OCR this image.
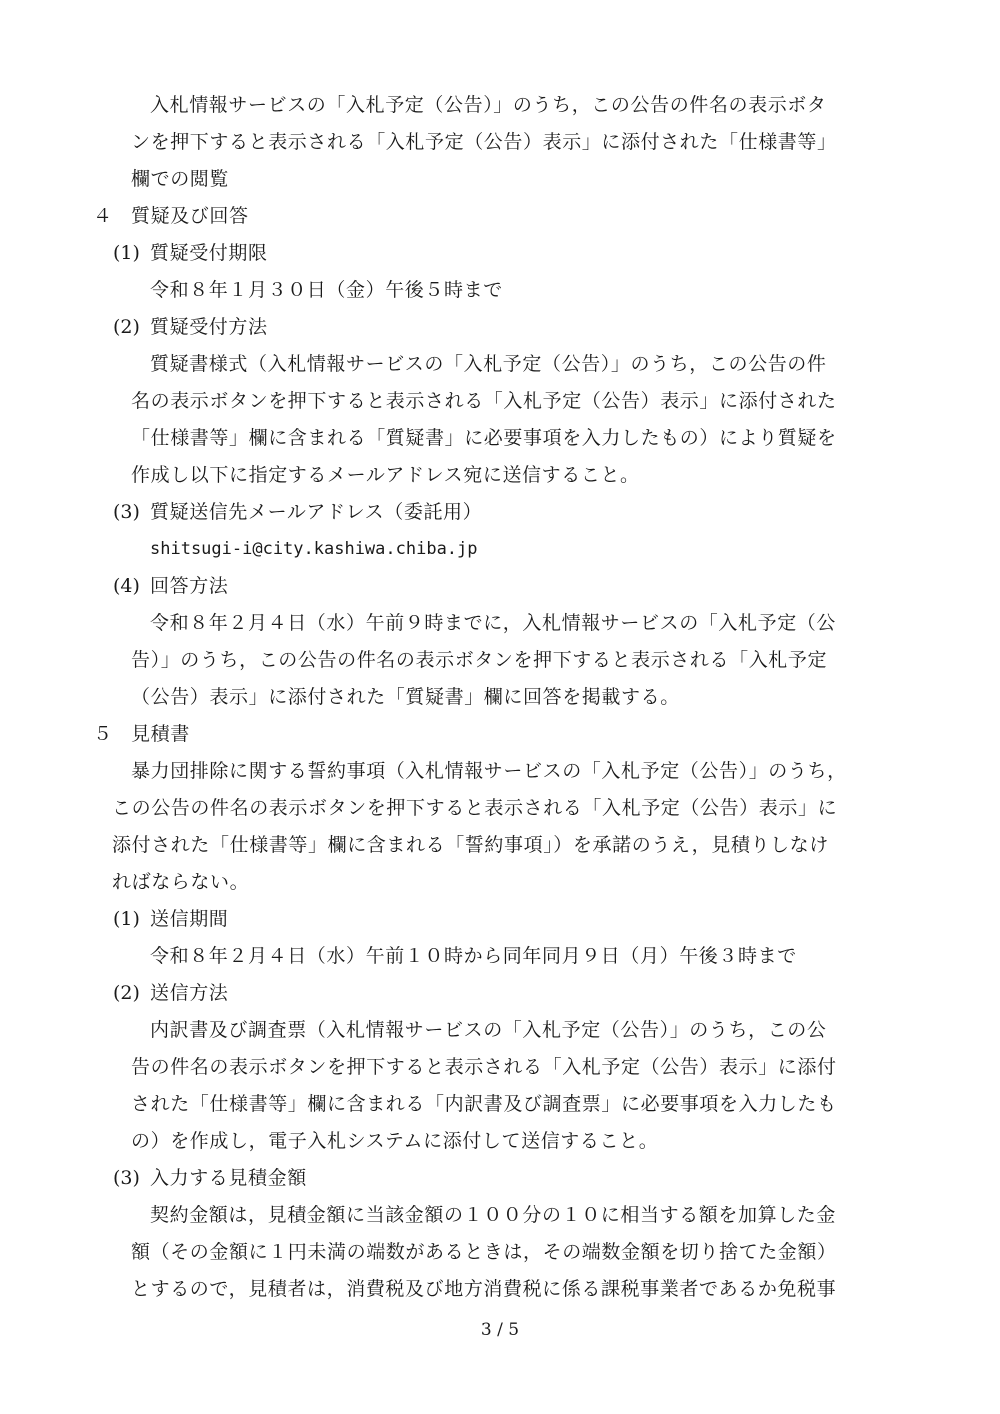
入札情報サービスの「入札予定（公告）」のうち，この公告の件名の表示ボタ
ンを押下すると表示される「入札予定（公告）表示」に添付された「仕様書等」
欄での閲覧
４ 質疑及び回答
(1) 質疑受付期限
令和８年１月３０日（金）午後５時まで
(2) 質疑受付方法
質疑書様式（入札情報サービスの「入札予定（公告）」のうち，この公告の件
名の表示ボタンを押下すると表示される「入札予定（公告）表示」に添付された
「仕様書等」欄に含まれる「質疑書」に必要事項を入力したもの）により質疑を
作成し以下に指定するメールアドレス宛に送信すること。
(3) 質疑送信先メールアドレス（委託用）
shitsugi-i@city.kashiwa.chiba.jp
(4) 回答方法
令和８年２月４日（水）午前９時までに，入札情報サービスの「入札予定（公
告）」のうち，この公告の件名の表示ボタンを押下すると表示される「入札予定
（公告）表示」に添付された「質疑書」欄に回答を掲載する。
５ 見積書
暴力団排除に関する誓約事項（入札情報サービスの「入札予定（公告）」のうち，
この公告の件名の表示ボタンを押下すると表示される「入札予定（公告）表示」に
添付された「仕様書等」欄に含まれる「誓約事項」）を承諾のうえ，見積りしなけ
ればならない。
(1) 送信期間
令和８年２月４日（水）午前１０時から同年同月９日（月）午後３時まで
(2) 送信方法
内訳書及び調査票（入札情報サービスの「入札予定（公告）」のうち，この公
告の件名の表示ボタンを押下すると表示される「入札予定（公告）表示」に添付
された「仕様書等」欄に含まれる「内訳書及び調査票」に必要事項を入力したも
の）を作成し，電子入札システムに添付して送信すること。
(3) 入力する見積金額
契約金額は，見積金額に当該金額の１００分の１０に相当する額を加算した金
額（その金額に１円未満の端数があるときは，その端数金額を切り捨てた金額）
とするので，見積者は，消費税及び地方消費税に係る課税事業者であるか免税事
3 / 5
